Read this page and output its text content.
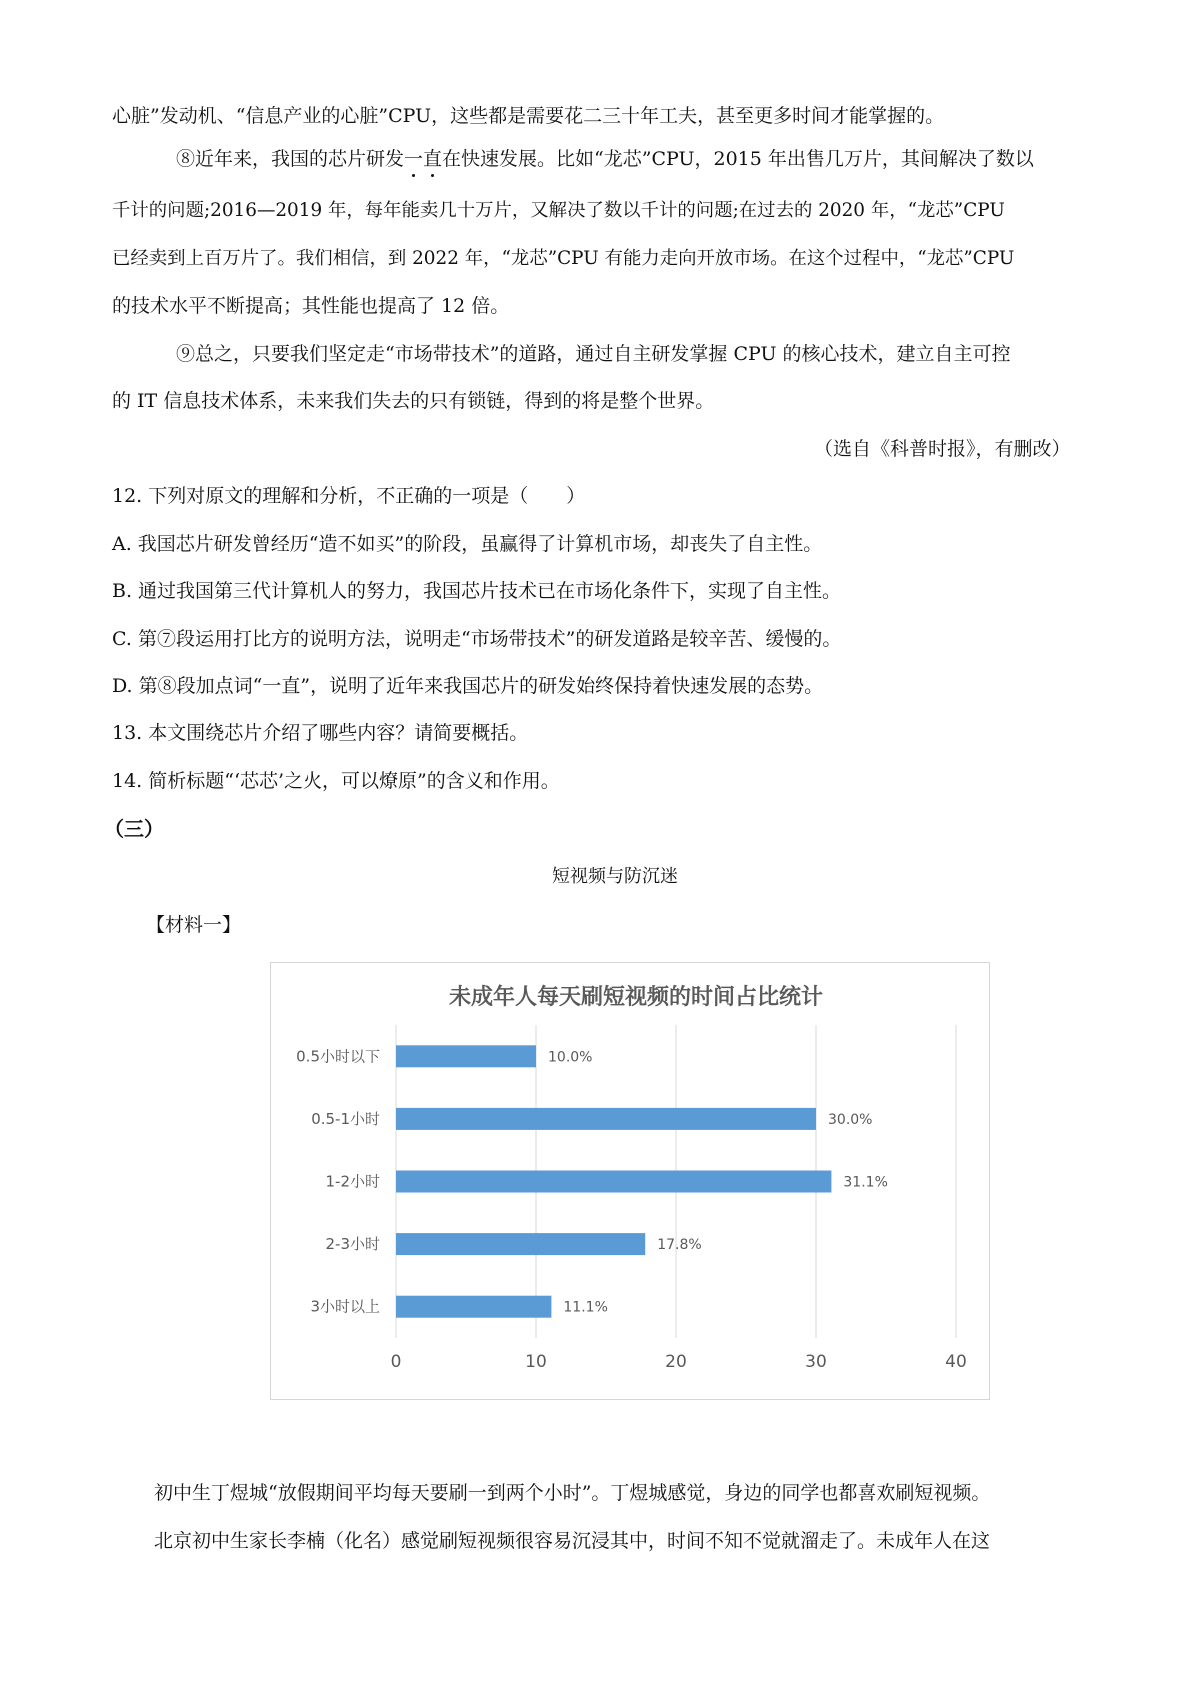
心脏”发动机、“信息产业的心脏”CPU，这些都是需要花二三十年工夫，甚至更多时间才能掌握的。
⑧近年来，我国的芯片研发一直在快速发展。比如“龙芯”CPU，2015 年出售几万片，其间解决了数以
千计的问题;2016—2019 年，每年能卖几十万片，又解决了数以千计的问题;在过去的 2020 年，“龙芯”CPU
已经卖到上百万片了。我们相信，到 2022 年，“龙芯”CPU 有能力走向开放市场。在这个过程中，“龙芯”CPU
的技术水平不断提高；其性能也提高了 12 倍。
⑨总之，只要我们坚定走“市场带技术”的道路，通过自主研发掌握 CPU 的核心技术，建立自主可控
的 IT 信息技术体系，未来我们失去的只有锁链，得到的将是整个世界。
（选自《科普时报》，有删改）
12. 下列对原文的理解和分析，不正确的一项是（　　）
A. 我国芯片研发曾经历“造不如买”的阶段，虽赢得了计算机市场，却丧失了自主性。
B. 通过我国第三代计算机人的努力，我国芯片技术已在市场化条件下，实现了自主性。
C. 第⑦段运用打比方的说明方法，说明走“市场带技术”的研发道路是较辛苦、缓慢的。
D. 第⑧段加点词“一直”，说明了近年来我国芯片的研发始终保持着快速发展的态势。
13. 本文围绕芯片介绍了哪些内容？请简要概括。
14. 简析标题“‘芯芯’之火，可以燎原”的含义和作用。
（三）
短视频与防沉迷
【材料一】
未成年人每天刷短视频的时间占比统计
0	10	20	30	40
0.5小时以下	10.0%
0.5-1小时	30.0%
1-2小时	31.1%
2-3小时	17.8%
3小时以上	11.1%
初中生丁煜城“放假期间平均每天要刷一到两个小时”。丁煜城感觉，身边的同学也都喜欢刷短视频。
北京初中生家长李楠（化名）感觉刷短视频很容易沉浸其中，时间不知不觉就溜走了。未成年人在这
